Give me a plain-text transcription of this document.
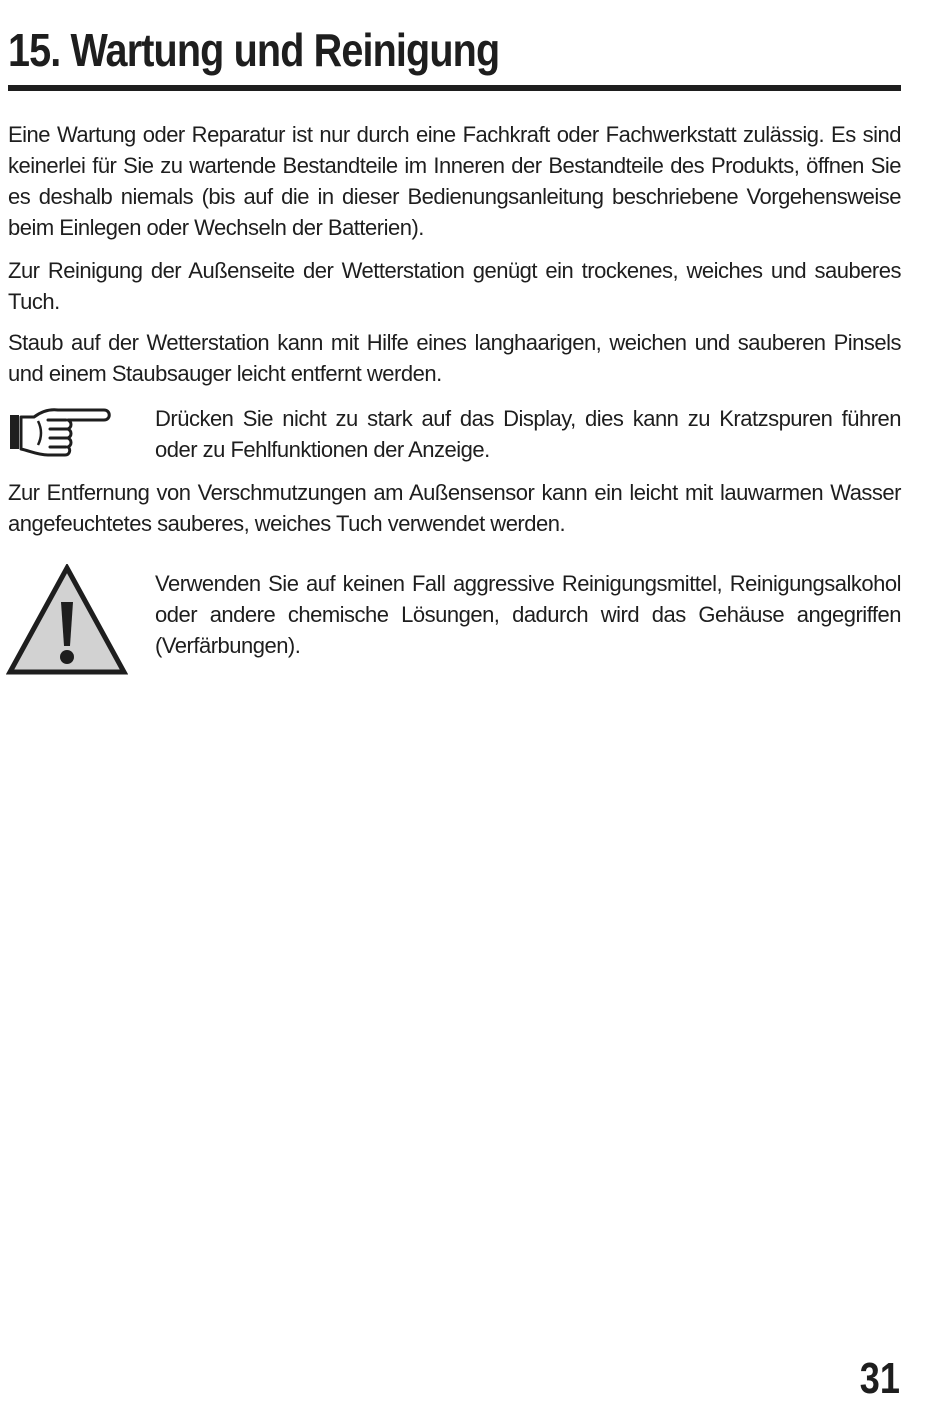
15. Wartung und Reinigung

Eine Wartung oder Reparatur ist nur durch eine Fachkraft oder Fachwerkstatt zulässig. Es sind keinerlei für Sie zu wartende Bestandteile im Inneren der Bestandteile des Produkts, öffnen Sie es deshalb niemals (bis auf die in dieser Bedienungsanleitung beschriebene Vorgehensweise beim Einlegen oder Wechseln der Batterien).

Zur Reinigung der Außenseite der Wetterstation genügt ein trockenes, weiches und sauberes Tuch.

Staub auf der Wetterstation kann mit Hilfe eines langhaarigen, weichen und sauberen Pinsels und einem Staubsauger leicht entfernt werden.

Drücken Sie nicht zu stark auf das Display, dies kann zu Kratzspuren führen oder zu Fehlfunktionen der Anzeige.

Zur Entfernung von Verschmutzungen am Außensensor kann ein leicht mit lauwarmen Wasser angefeuchtetes sauberes, weiches Tuch verwendet werden.

Verwenden Sie auf keinen Fall aggressive Reinigungsmittel, Reinigungsalkohol oder andere chemische Lösungen, dadurch wird das Gehäuse angegriffen (Verfärbungen).

31
